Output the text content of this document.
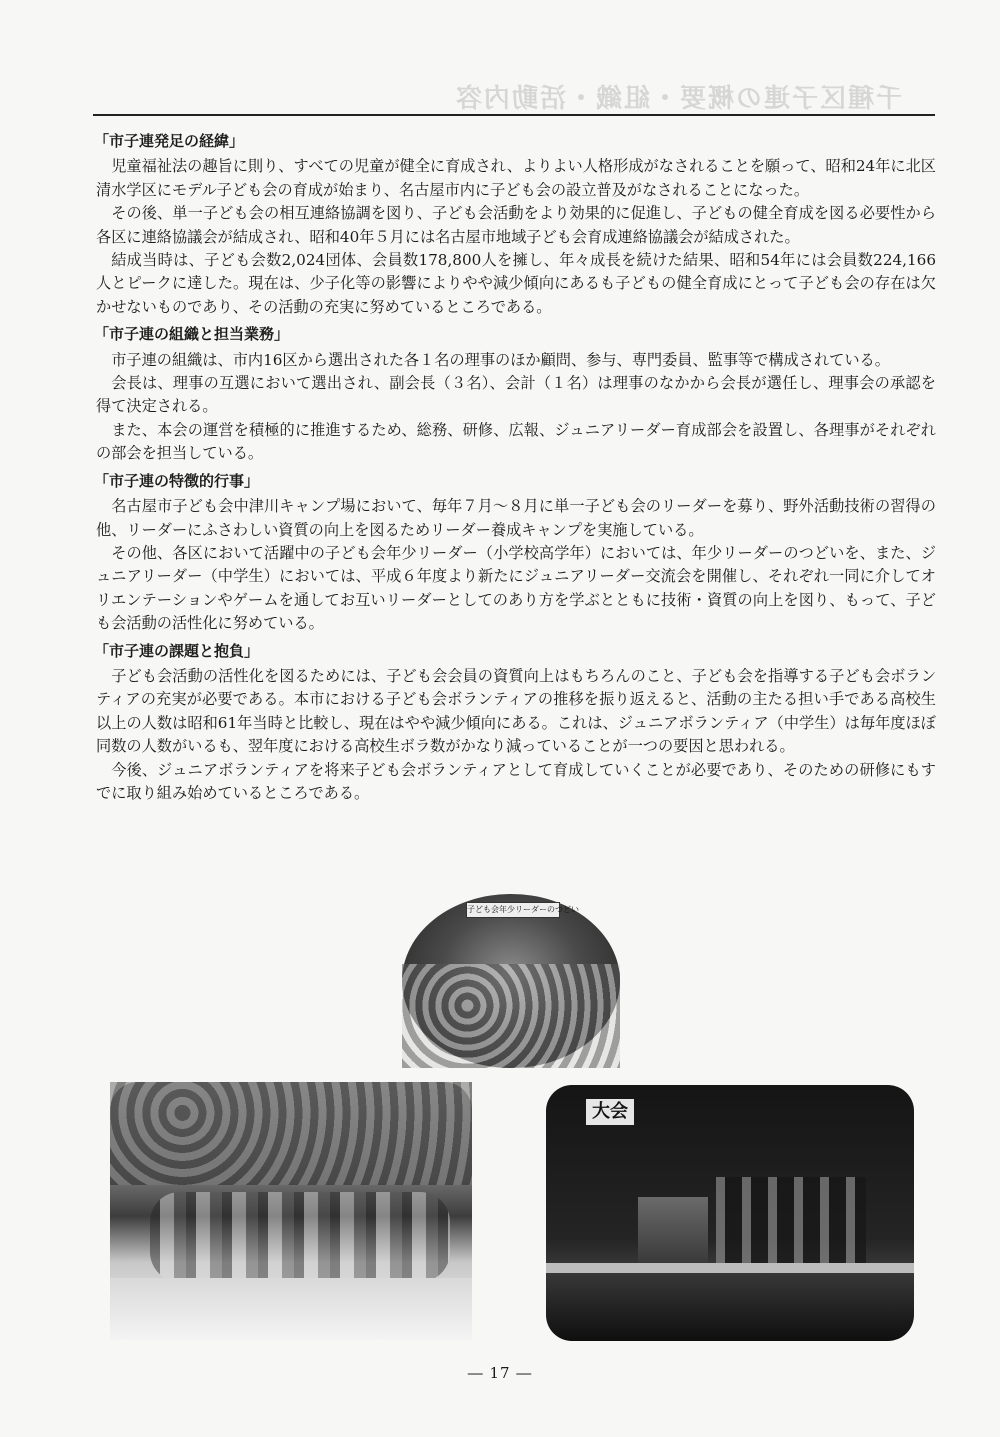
千種区子連の概要・組織・活動内容
「市子連発足の経緯」

児童福祉法の趣旨に則り、すべての児童が健全に育成され、よりよい人格形成がなされることを願って、昭和24年に北区清水学区にモデル子ども会の育成が始まり、名古屋市内に子ども会の設立普及がなされることになった。

その後、単一子ども会の相互連絡協調を図り、子ども会活動をより効果的に促進し、子どもの健全育成を図る必要性から各区に連絡協議会が結成され、昭和40年５月には名古屋市地域子ども会育成連絡協議会が結成された。

結成当時は、子ども会数2,024団体、会員数178,800人を擁し、年々成長を続けた結果、昭和54年には会員数224,166人とピークに達した。現在は、少子化等の影響によりやや減少傾向にあるも子どもの健全育成にとって子ども会の存在は欠かせないものであり、その活動の充実に努めているところである。

「市子連の組織と担当業務」

市子連の組織は、市内16区から選出された各１名の理事のほか顧問、参与、専門委員、監事等で構成されている。

会長は、理事の互選において選出され、副会長（３名）、会計（１名）は理事のなかから会長が選任し、理事会の承認を得て決定される。

また、本会の運営を積極的に推進するため、総務、研修、広報、ジュニアリーダー育成部会を設置し、各理事がそれぞれの部会を担当している。

「市子連の特徴的行事」

名古屋市子ども会中津川キャンプ場において、毎年７月～８月に単一子ども会のリーダーを募り、野外活動技術の習得の他、リーダーにふさわしい資質の向上を図るためリーダー養成キャンプを実施している。

その他、各区において活躍中の子ども会年少リーダー（小学校高学年）においては、年少リーダーのつどいを、また、ジュニアリーダー（中学生）においては、平成６年度より新たにジュニアリーダー交流会を開催し、それぞれ一同に介してオリエンテーションやゲームを通してお互いリーダーとしてのあり方を学ぶとともに技術・資質の向上を図り、もって、子ども会活動の活性化に努めている。

「市子連の課題と抱負」

子ども会活動の活性化を図るためには、子ども会会員の資質向上はもちろんのこと、子ども会を指導する子ども会ボランティアの充実が必要である。本市における子ども会ボランティアの推移を振り返えると、活動の主たる担い手である高校生以上の人数は昭和61年当時と比較し、現在はやや減少傾向にある。これは、ジュニアボランティア（中学生）は毎年度ほぼ同数の人数がいるも、翌年度における高校生ボラ数がかなり減っていることが一つの要因と思われる。

今後、ジュニアボランティアを将来子ども会ボランティアとして育成していくことが必要であり、そのための研修にもすでに取り組み始めているところである。

子ども会年少リーダーのつどい
大会
― 17 ―
